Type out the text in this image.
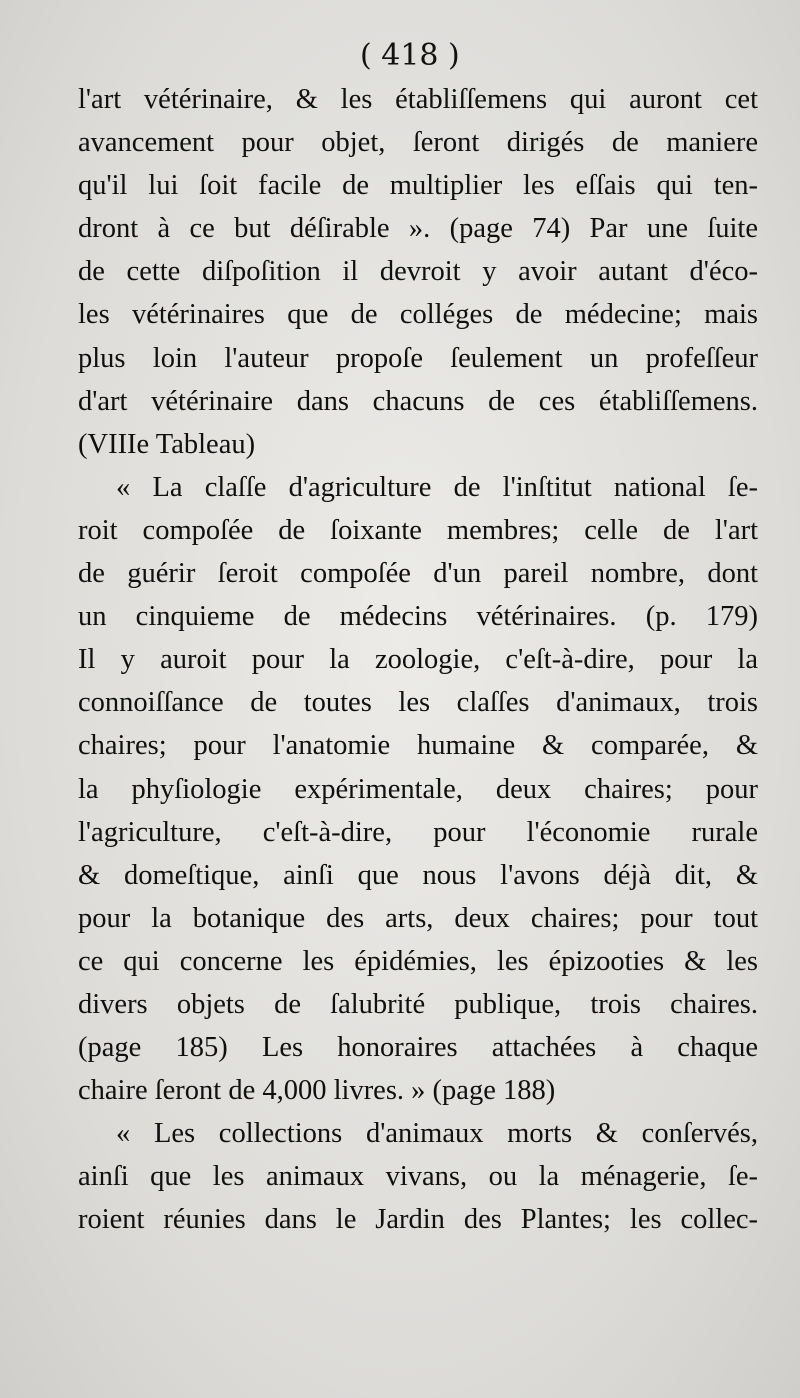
( 418 )
l'art vétérinaire, & les établiſſemens qui auront cet
avancement pour objet, ſeront dirigés de maniere
qu'il lui ſoit facile de multiplier les eſſais qui ten-
dront à ce but déſirable ». (page 74) Par une ſuite
de cette diſpoſition il devroit y avoir autant d'éco-
les vétérinaires que de colléges de médecine; mais
plus loin l'auteur propoſe ſeulement un profeſſeur
d'art vétérinaire dans chacuns de ces établiſſemens.
(VIIIe Tableau)
« La claſſe d'agriculture de l'inſtitut national ſe-
roit compoſée de ſoixante membres; celle de l'art
de guérir ſeroit compoſée d'un pareil nombre, dont
un cinquieme de médecins vétérinaires. (p. 179)
Il y auroit pour la zoologie, c'eſt-à-dire, pour la
connoiſſance de toutes les claſſes d'animaux, trois
chaires; pour l'anatomie humaine & comparée, &
la phyſiologie expérimentale, deux chaires; pour
l'agriculture, c'eſt-à-dire, pour l'économie rurale
& domeſtique, ainſi que nous l'avons déjà dit, &
pour la botanique des arts, deux chaires; pour tout
ce qui concerne les épidémies, les épizooties & les
divers objets de ſalubrité publique, trois chaires.
(page 185) Les honoraires attachées à chaque
chaire ſeront de 4,000 livres. » (page 188)
« Les collections d'animaux morts & conſervés,
ainſi que les animaux vivans, ou la ménagerie, ſe-
roient réunies dans le Jardin des Plantes; les collec-
